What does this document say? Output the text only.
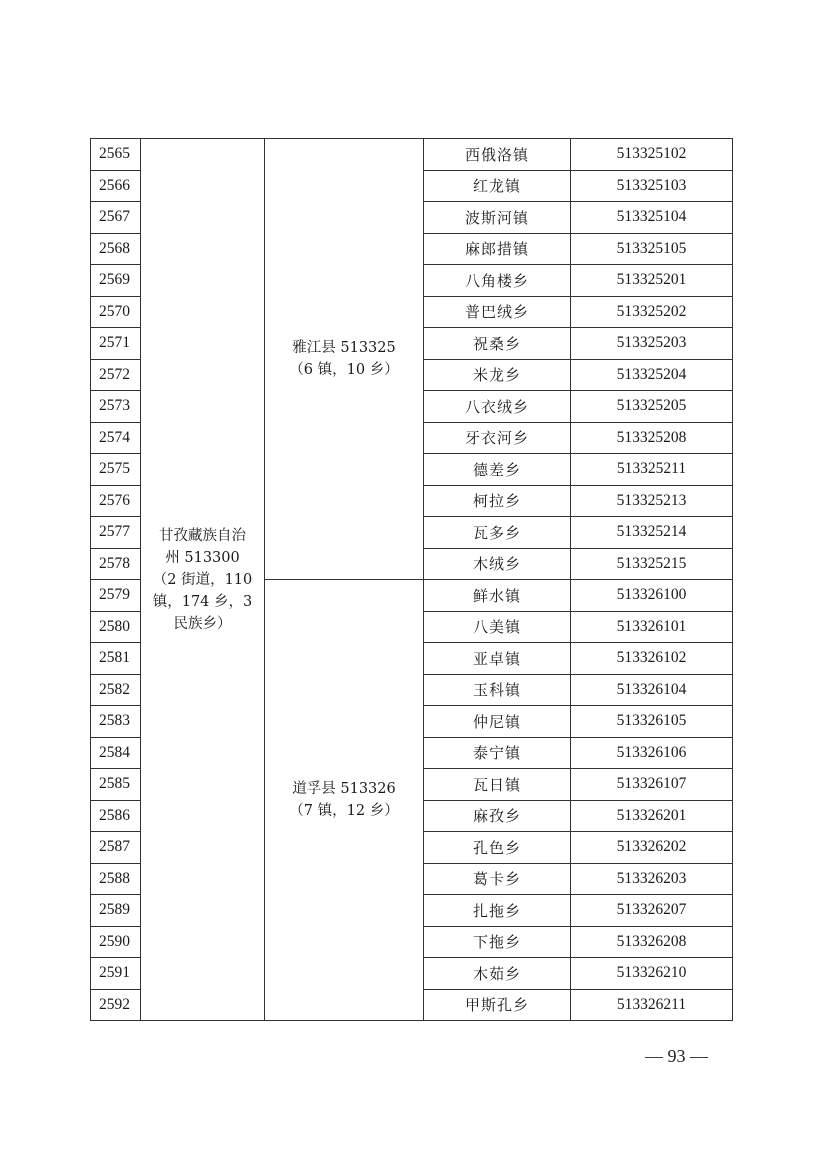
2565	甘孜藏族自治
州 513300
（2 街道，110
镇，174 乡，3
民族乡）	雅江县 513325
（6 镇，10 乡）	西俄洛镇	513325102
2566			红龙镇	513325103
2567			波斯河镇	513325104
2568			麻郎措镇	513325105
2569			八角楼乡	513325201
2570			普巴绒乡	513325202
2571			祝桑乡	513325203
2572			米龙乡	513325204
2573			八衣绒乡	513325205
2574			牙衣河乡	513325208
2575			德差乡	513325211
2576			柯拉乡	513325213
2577			瓦多乡	513325214
2578			木绒乡	513325215
2579		道孚县 513326
（7 镇，12 乡）	鲜水镇	513326100
2580			八美镇	513326101
2581			亚卓镇	513326102
2582			玉科镇	513326104
2583			仲尼镇	513326105
2584			泰宁镇	513326106
2585			瓦日镇	513326107
2586			麻孜乡	513326201
2587			孔色乡	513326202
2588			葛卡乡	513326203
2589			扎拖乡	513326207
2590			下拖乡	513326208
2591			木茹乡	513326210
2592			甲斯孔乡	513326211
— 93 —
